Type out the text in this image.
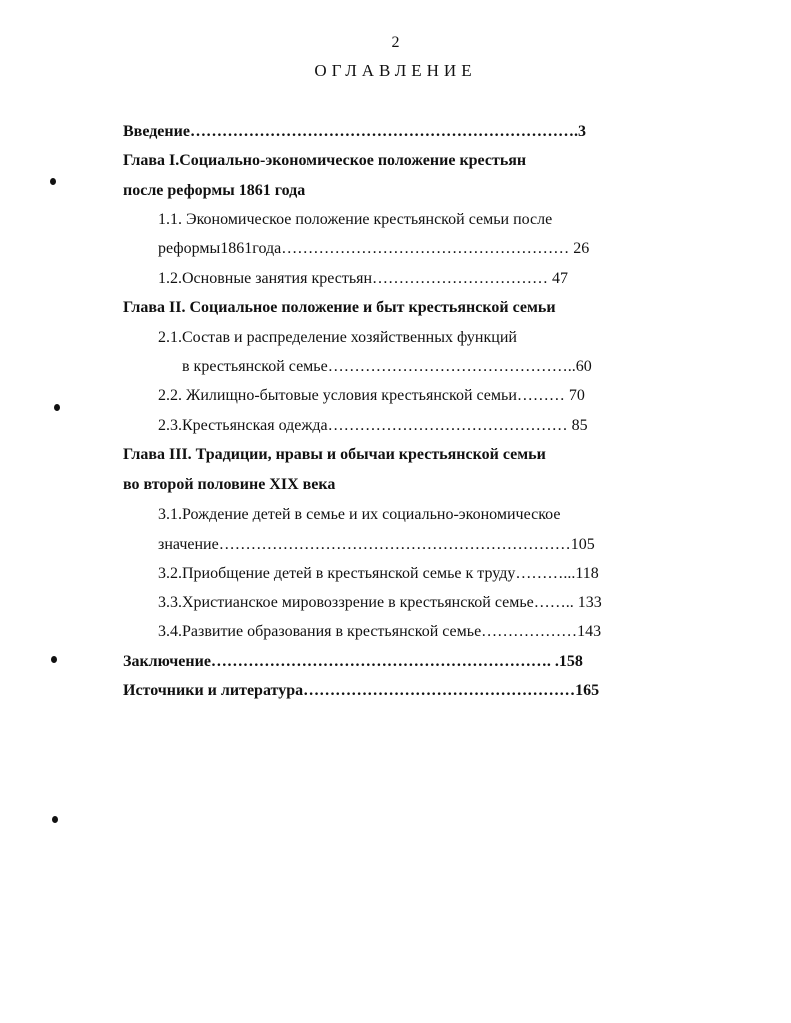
2
ОГЛАВЛЕНИЕ
Введение……………………………………………………………….3
Глава I.Социально-экономическое положение крестьян
после реформы 1861 года
1.1. Экономическое положение крестьянской семьи после
реформы1861года……………………………………………… 26
1.2.Основные занятия крестьян…………………………… 47
Глава II. Социальное положение и быт крестьянской семьи
2.1.Состав и распределение хозяйственных функций
в крестьянской семье………………………………………..60
2.2. Жилищно-бытовые условия крестьянской семьи……… 70
2.3.Крестьянская одежда……………………………………… 85
Глава III. Традиции, нравы и обычаи крестьянской семьи
во второй половине XIX века
3.1.Рождение детей в семье и их социально-экономическое
значение…………………………………………………………105
3.2.Приобщение детей в крестьянской семье к труду………...118
3.3.Христианское мировоззрение в крестьянской семье…….. 133
3.4.Развитие образования в крестьянской семье………………143
Заключение………………………………………………………. .158
Источники и литература……………………………………………165
